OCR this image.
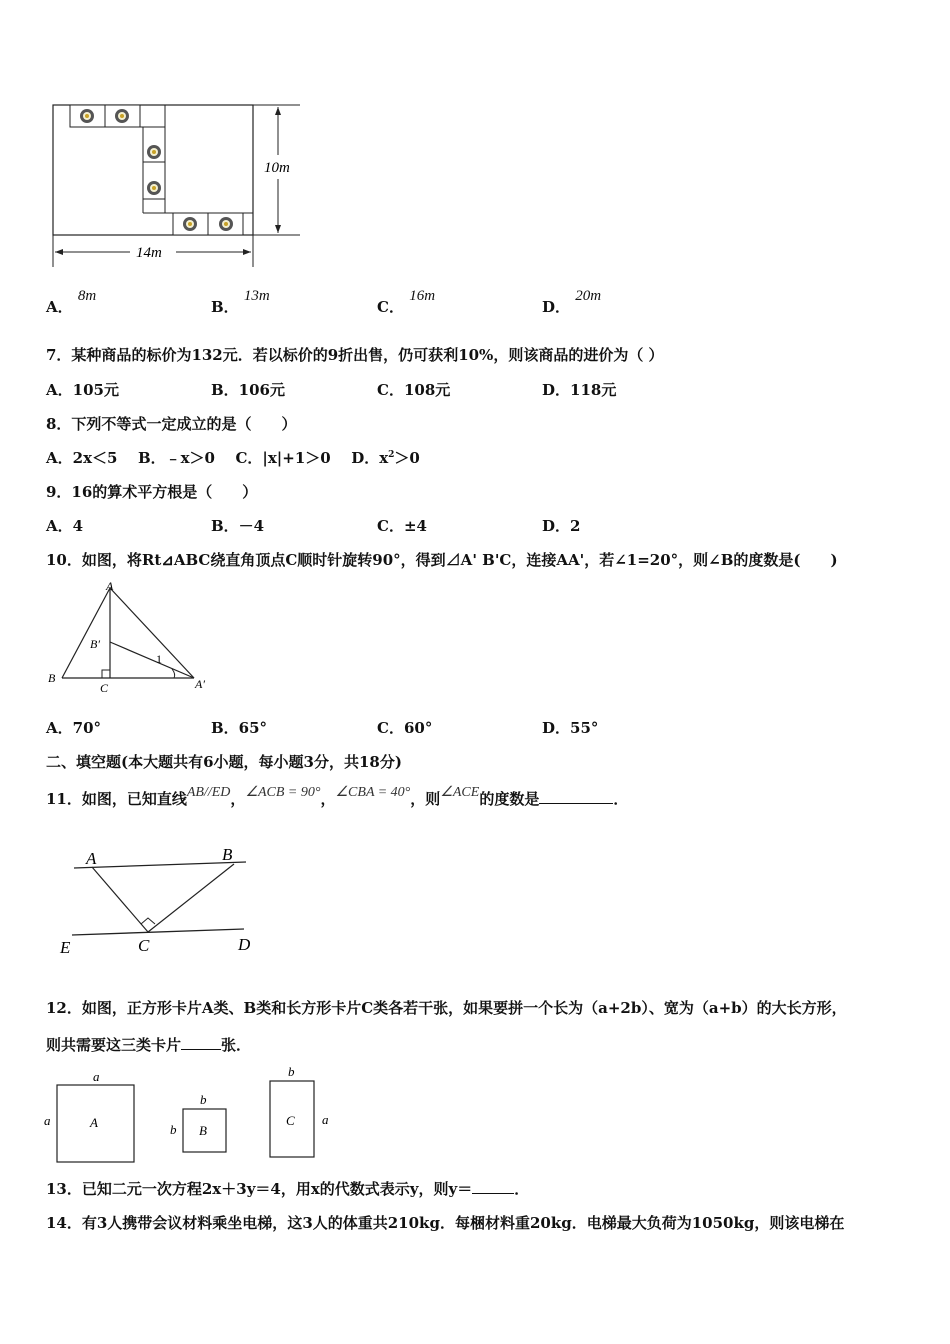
10m
14m
A． 8m
B． 13m
C． 16m
D． 20m
7．某种商品的标价为132元．若以标价的9折出售，仍可获利10%，则该商品的进价为（ ）
A．105元	B．106元	C．108元	D．118元
8．下列不等式一定成立的是（　　）
A．2x＜5 B．﹣x＞0 C．|x|+1＞0 D．$x^2>0$
9．16的算术平方根是（　　）
A．4	B．－4	C．±4	D．2
10．如图，将Rt⊿ABC绕直角顶点C顺时针旋转90°，得到⊿A' B'C，连接AA'，若∠1=20°，则∠B的度数是(　　)
A
B
C
B′
A′
1
A．70°	B．65°	C．60°	D．55°
二、填空题(本大题共有6小题，每小题3分，共18分)
11．如图，已知直线AB//ED，∠ACB = 90°，∠CBA = 40°，则∠ACE的度数是	．
A	B
E	C	D
12．如图，正方形卡片A类、B类和长方形卡片C类各若干张，如果要拼一个长为（a+2b）、宽为（a+b）的大长方形，
则共需要这三类卡片	张．
a
a	A
b
b B
b
a
C
13．已知二元一次方程2x＋3y＝4，用x的代数式表示y，则y＝	．
14．有3人携带会议材料乘坐电梯，这3人的体重共210kg．每梱材料重20kg．电梯最大负荷为1050kg，则该电梯在
